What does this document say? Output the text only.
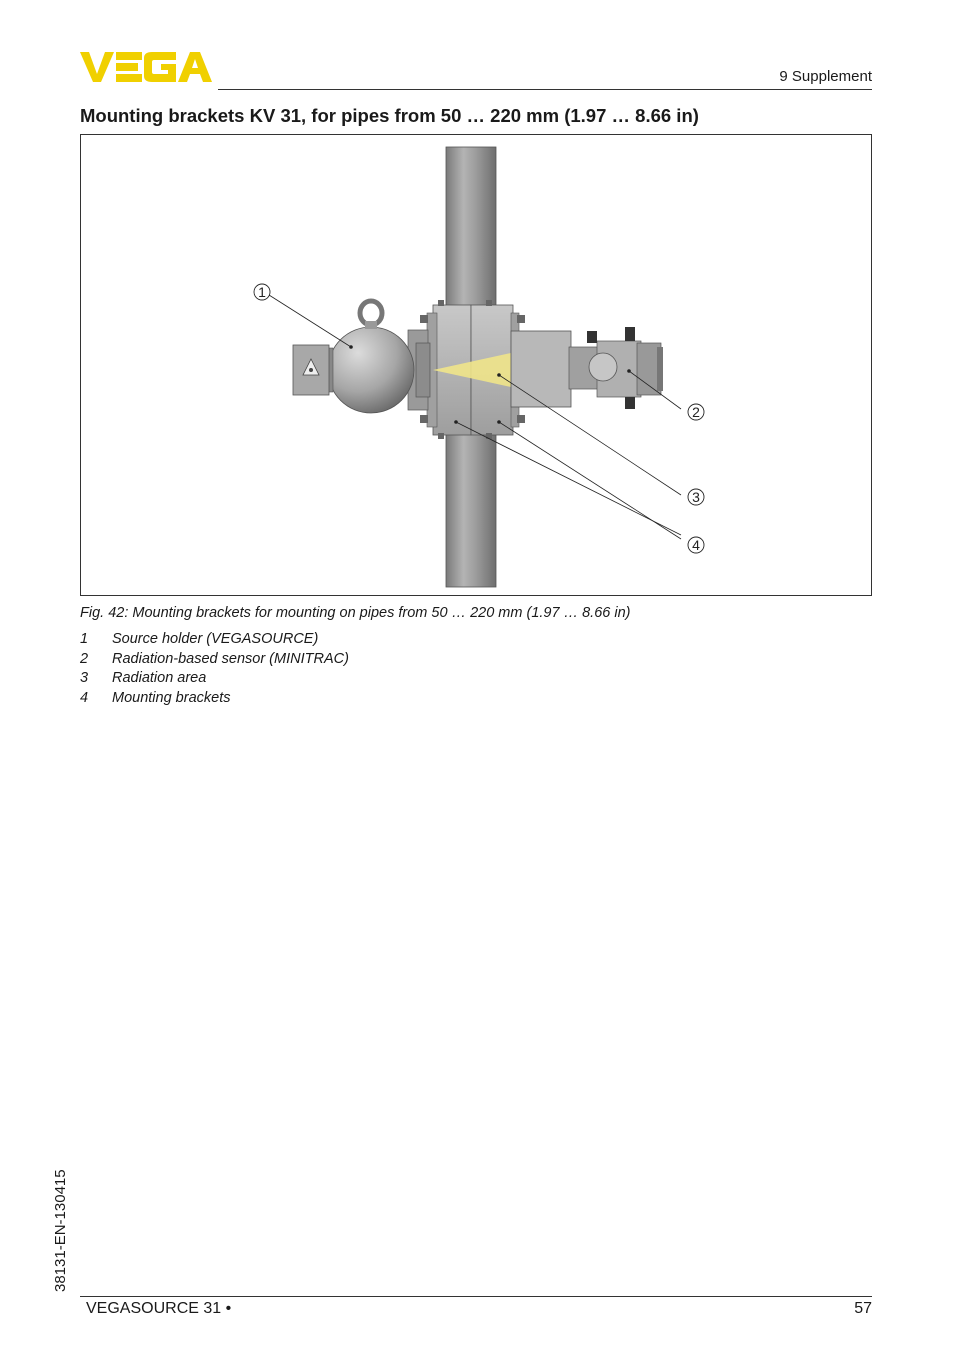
VEGA
9 Supplement
Mounting brackets KV 31, for pipes from 50 … 220 mm (1.97 … 8.66 in)
1
2
3
4
Fig. 42: Mounting brackets for mounting on pipes from 50 … 220 mm (1.97 … 8.66 in)
1 Source holder (VEGASOURCE)
2 Radiation-based sensor (MINITRAC)
3 Radiation area
4 Mounting brackets
38131-EN-130415
VEGASOURCE 31 •	57
